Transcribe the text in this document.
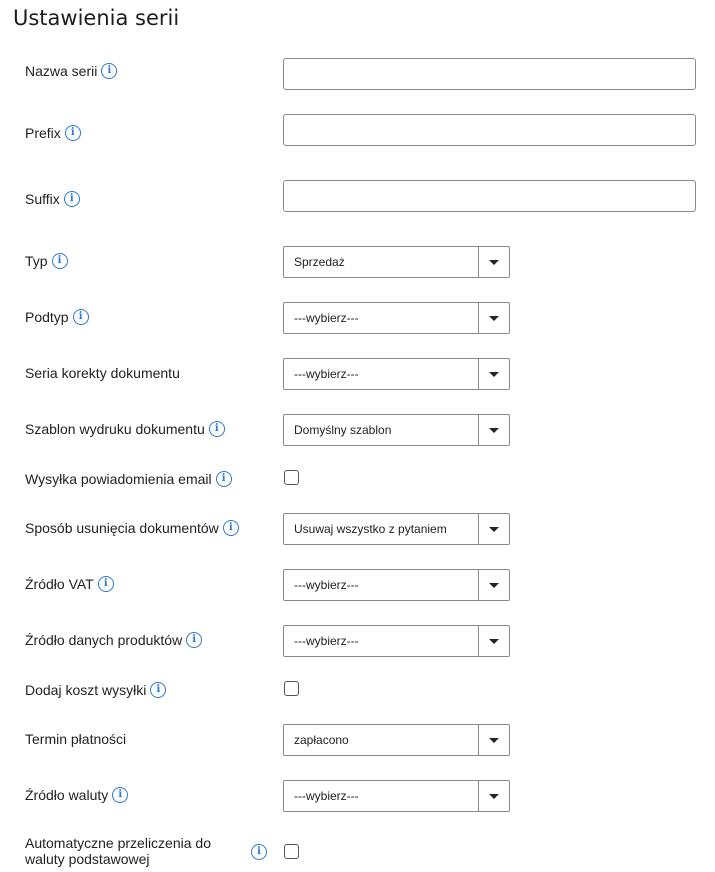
Ustawienia serii
Nazwa serii	i
Prefix	i
Suffix	i
Typ	i	Sprzedaż
Podtyp	i	---wybierz---
Seria korekty dokumentu	---wybierz---
Szablon wydruku dokumentu	i	Domyślny szablon
Wysyłka powiadomienia email	i
Sposób usunięcia dokumentów	i	Usuwaj wszystko z pytaniem
Źródło VAT	i	---wybierz---
Źródło danych produktów	i	---wybierz---
Dodaj koszt wysyłki	i
Termin płatności	zapłacono
Źródło waluty	i	---wybierz---
Automatyczne przeliczenia do waluty podstawowej	i
